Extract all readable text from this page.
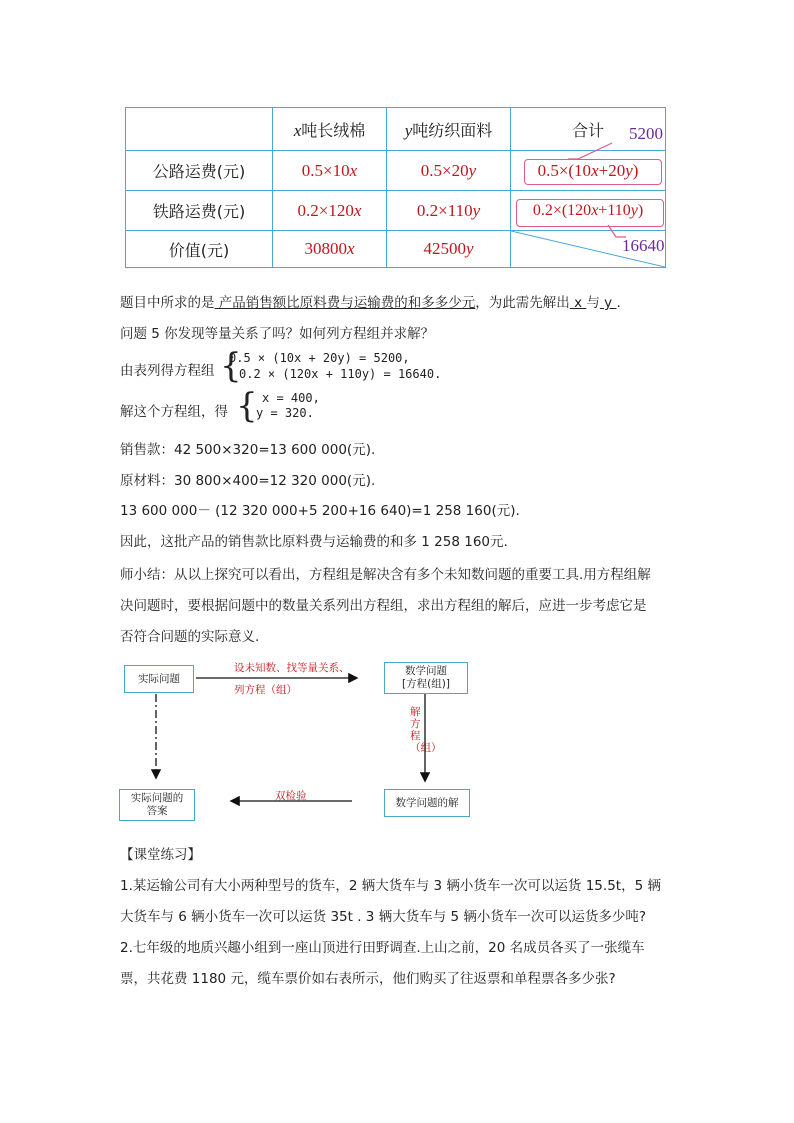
	x吨长绒棉	y吨纺织面料	合计
公路运费(元)	0.5×10x	0.5×20y	0.5×(10x+20y)
铁路运费(元)	0.2×120x	0.2×110y	0.2×(120x+110y)
价值(元)	30800x	42500y	
5200
16640
题目中所求的是 产品销售额比原料费与运输费的和多多少元，为此需先解出 x 与 y .
问题 5 你发现等量关系了吗？如何列方程组并求解？
由表列得方程组 {
0.5 × (10x + 20y) = 5200,
0.2 × (120x + 110y) = 16640.
解这个方程组，得 { x = 400,
y = 320.
销售款：42 500×320=13 600 000(元).
原材料：30 800×400=12 320 000(元).
13 600 000－ (12 320 000+5 200+16 640)=1 258 160(元).
因此，这批产品的销售款比原料费与运输费的和多 1 258 160元.
师小结：从以上探究可以看出，方程组是解决含有多个未知数问题的重要工具.用方程组解
决问题时，要根据问题中的数量关系列出方程组，求出方程组的解后，应进一步考虑它是
否符合问题的实际意义.
实际问题
数学问题
[方程(组)]
数学问题的解
实际问题的
答案
设未知数、找等量关系、
列方程（组）
解方程（组）
双检验
【课堂练习】
1.某运输公司有大小两种型号的货车，2 辆大货车与 3 辆小货车一次可以运货 15.5t，5 辆
大货车与 6 辆小货车一次可以运货 35t . 3 辆大货车与 5 辆小货车一次可以运货多少吨?
2.七年级的地质兴趣小组到一座山顶进行田野调查.上山之前，20 名成员各买了一张缆车
票，共花费 1180 元，缆车票价如右表所示，他们购买了往返票和单程票各多少张?
